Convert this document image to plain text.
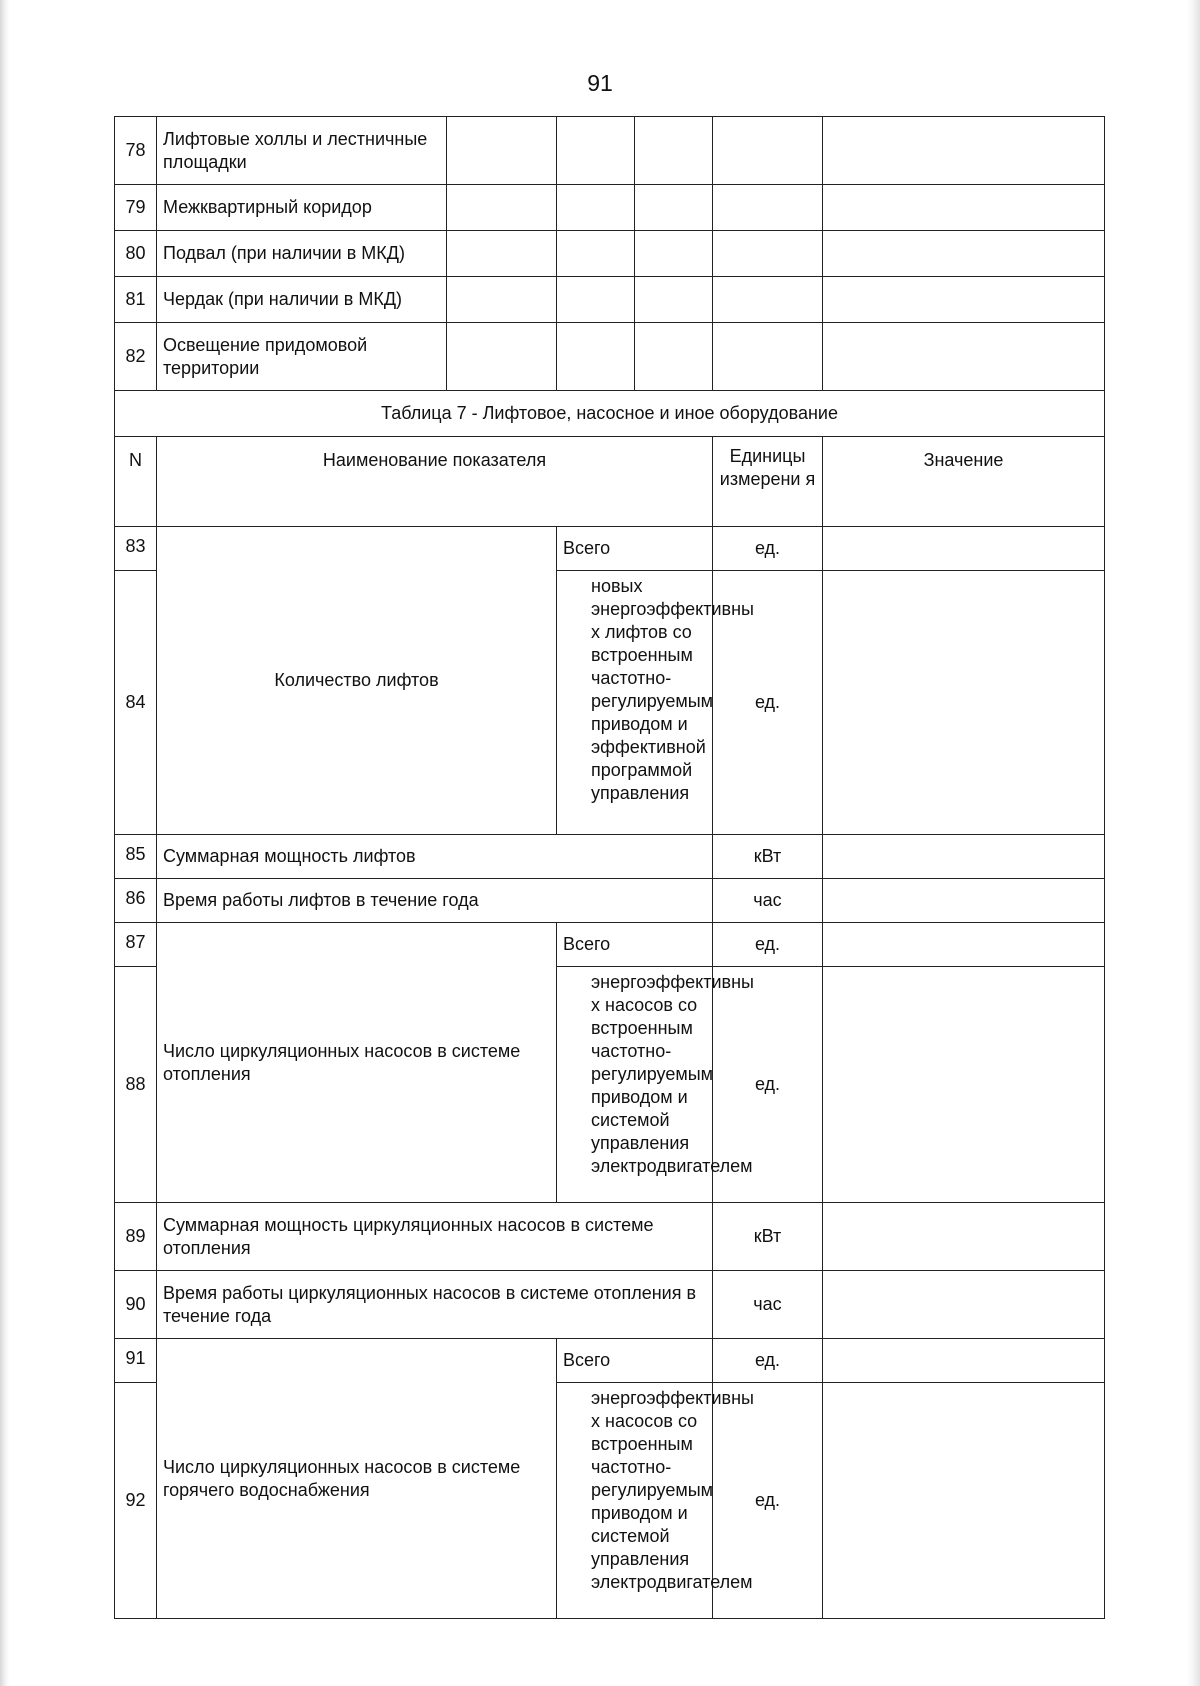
91
78	Лифтовые холлы и лестничные площадки					
79	Межквартирный коридор					
80	Подвал (при наличии в МКД)					
81	Чердак (при наличии в МКД)					
82	Освещение придомовой территории					
Таблица 7 - Лифтовое, насосное и иное оборудование						
N	Наименование показателя				Единицы измерени я	Значение
83	Количество лифтов		Всего		ед.	
84			новых энергоэффективны х лифтов со встроенным частотно-регулируемым приводом и эффективной программой управления		ед.	
85	Суммарная мощность лифтов				кВт	
86	Время работы лифтов в течение года				час	
87	Число циркуляционных насосов в системе отопления		Всего		ед.	
88			энергоэффективны х насосов со встроенным частотно-регулируемым приводом и системой управления электродвигателем		ед.	
89	Суммарная мощность циркуляционных насосов в системе отопления				кВт	
90	Время работы циркуляционных насосов в системе отопления в течение года				час	
91	Число циркуляционных насосов в системе горячего водоснабжения		Всего		ед.	
92			энергоэффективны х насосов со встроенным частотно-регулируемым приводом и системой управления электродвигателем		ед.	
